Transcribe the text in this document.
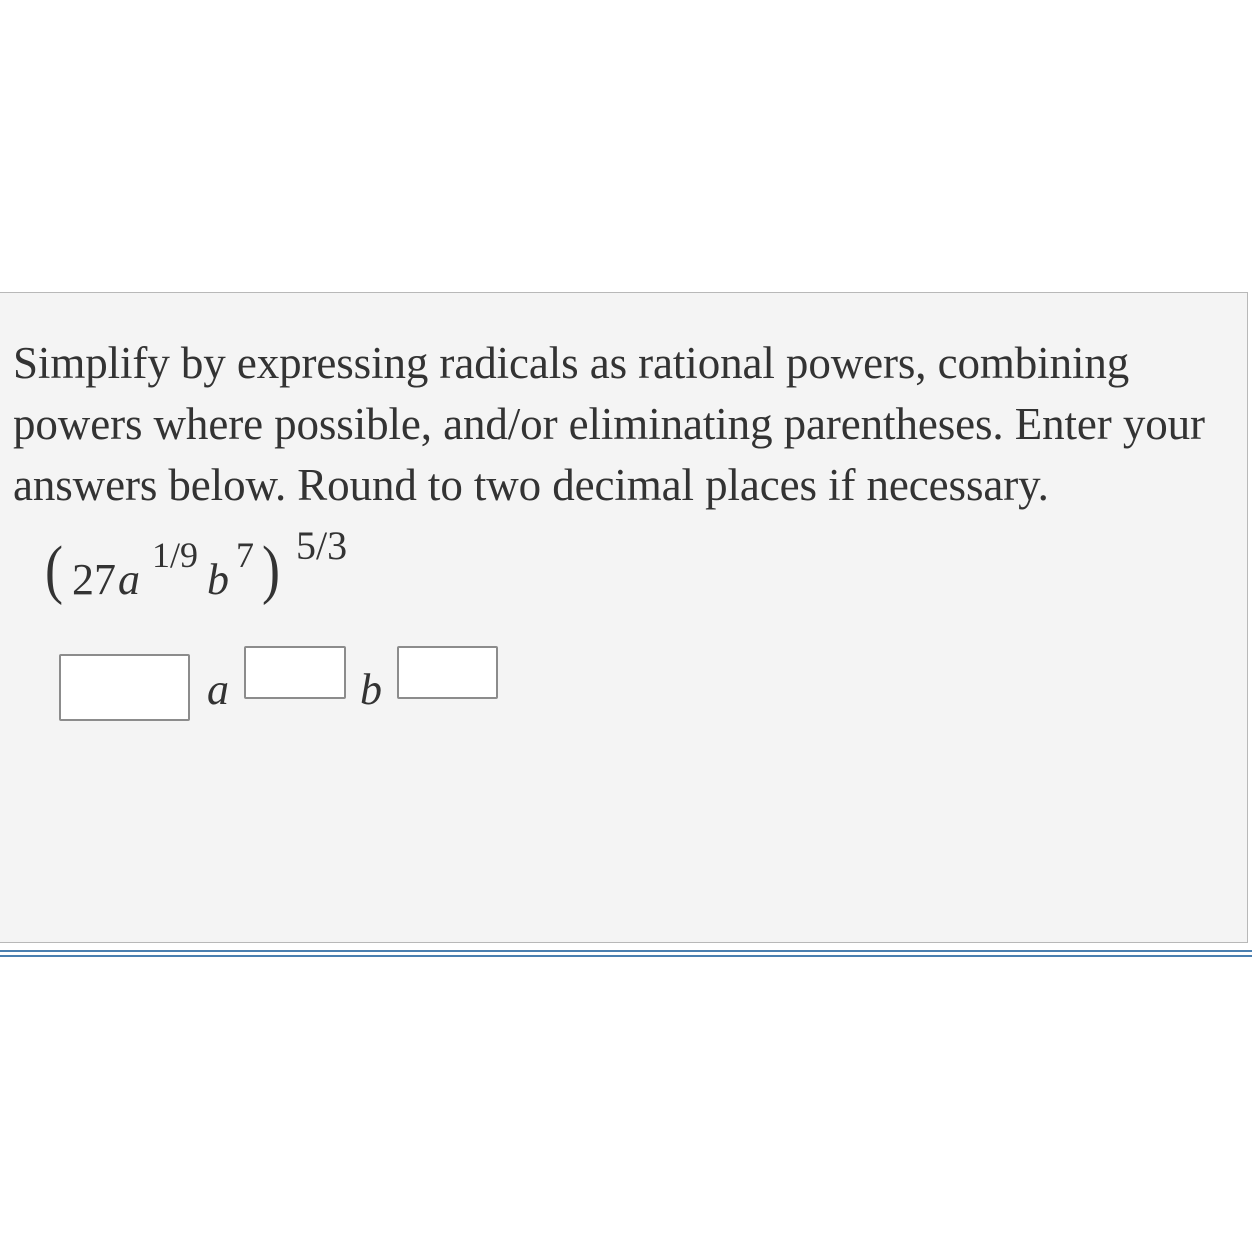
Simplify by expressing radicals as rational powers, combining powers where possible, and/or eliminating parentheses. Enter your answers below. Round to two decimal places if necessary.

( 27 a 1/9 b 7 ) 5/3
a	b
